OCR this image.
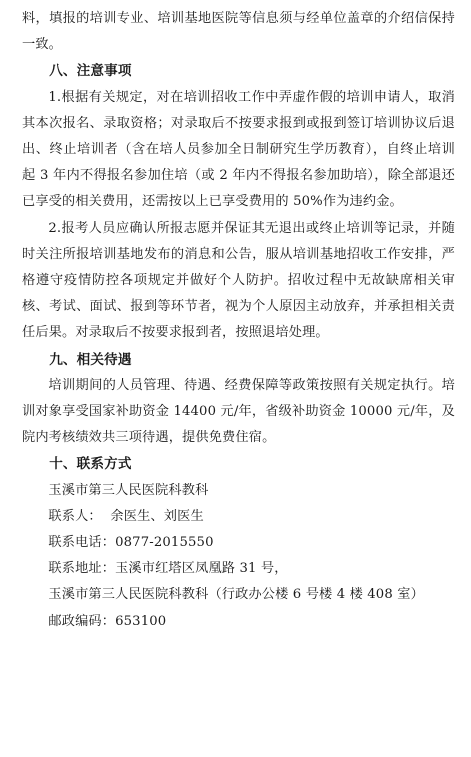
料，填报的培训专业、培训基地医院等信息须与经单位盖章的介绍信保持一致。

八、注意事项

1.根据有关规定，对在培训招收工作中弄虚作假的培训申请人，取消其本次报名、录取资格；对录取后不按要求报到或报到签订培训协议后退出、终止培训者（含在培人员参加全日制研究生学历教育），自终止培训起 3 年内不得报名参加住培（或 2 年内不得报名参加助培），除全部退还已享受的相关费用，还需按以上已享受费用的 50%作为违约金。

2.报考人员应确认所报志愿并保证其无退出或终止培训等记录，并随时关注所报培训基地发布的消息和公告，服从培训基地招收工作安排，严格遵守疫情防控各项规定并做好个人防护。招收过程中无故缺席相关审核、考试、面试、报到等环节者，视为个人原因主动放弃，并承担相关责任后果。对录取后不按要求报到者，按照退培处理。

九、相关待遇

培训期间的人员管理、待遇、经费保障等政策按照有关规定执行。培训对象享受国家补助资金 14400 元/年，省级补助资金 10000 元/年，及院内考核绩效共三项待遇，提供免费住宿。

十、联系方式

玉溪市第三人民医院科教科

联系人：  余医生、刘医生

联系电话：0877-2015550

联系地址：玉溪市红塔区凤凰路 31 号，

玉溪市第三人民医院科教科（行政办公楼 6 号楼 4 楼 408 室）

邮政编码：653100
